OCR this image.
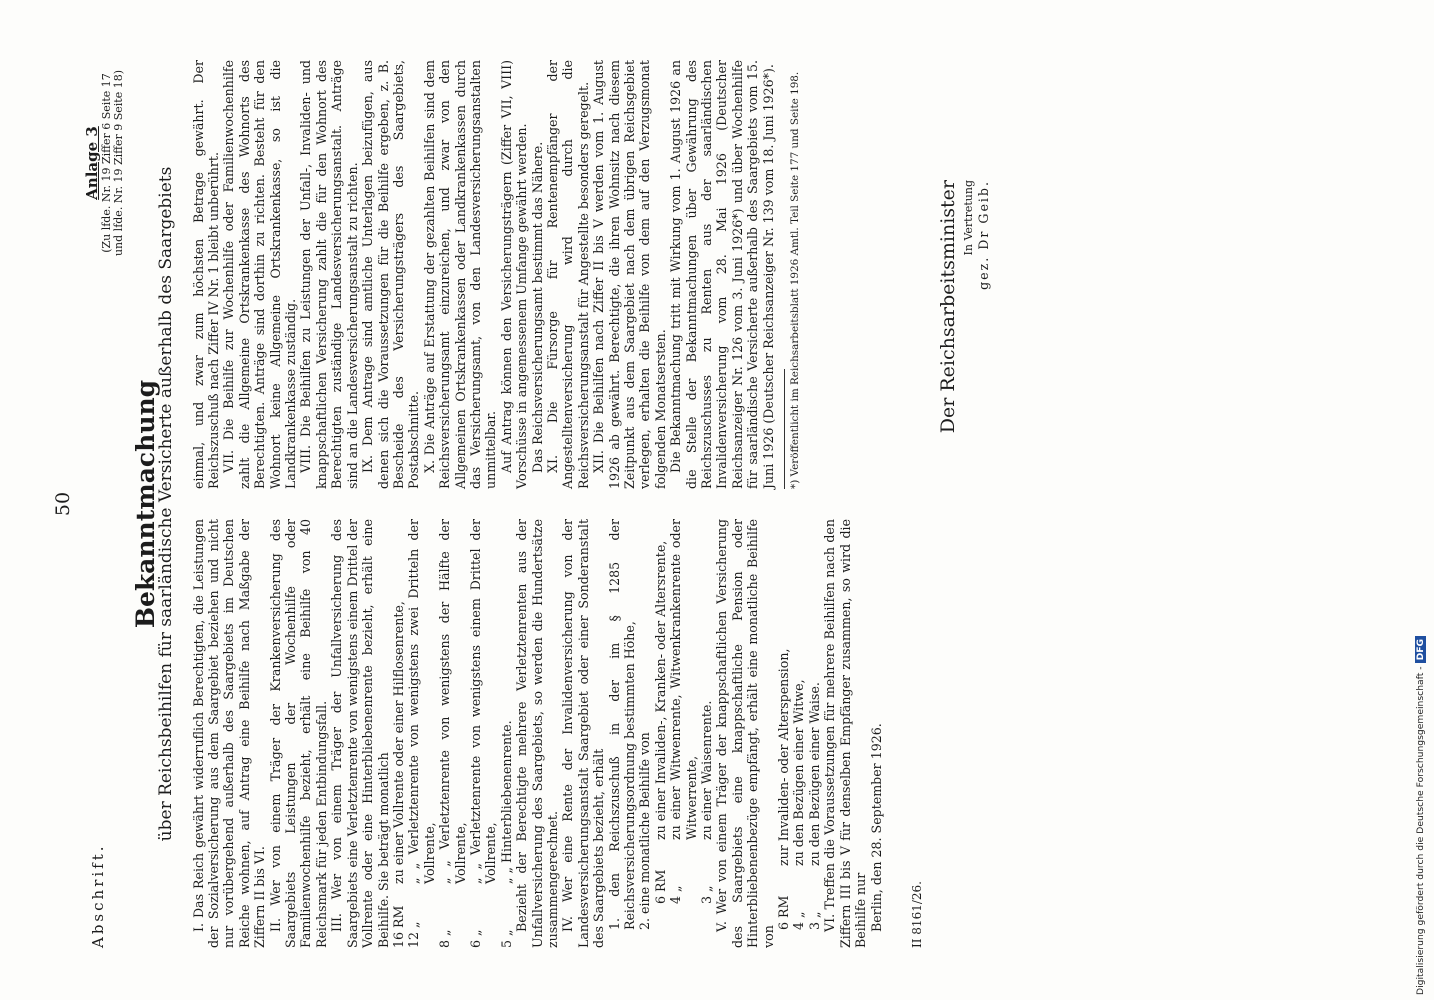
50
Abschrift.
Anlage 3
(Zu lfde. Nr. 19 Ziffer 6 Seite 17 und lfde. Nr. 19 Ziffer 9 Seite 18)
Bekanntmachung
über Reichsbeihilfen für saarländische Versicherte außerhalb des Saargebiets I. Das Reich gewährt widerruflich Berechtigten, die Leistungen der Sozialversicherung aus dem Saargebiet beziehen und nicht nur vorübergehend außerhalb des Saargebiets im Deutschen Reiche wohnen, auf Antrag eine Beihilfe nach Maßgabe der Ziffern II bis VI. II. Wer von einem Träger der Krankenversicherung des Saargebiets Leistungen der Wochenhilfe oder Familienwochenhilfe bezieht, erhält eine Beihilfe von 40 Reichsmark für jeden Entbindungsfall. III. Wer von einem Träger der Unfallversicherung des Saargebiets eine Verletztenrente von wenigstens einem Drittel der Vollrente oder eine Hinterbliebenenrente bezieht, erhält eine Beihilfe. Sie beträgt monatlich 16 RM
zu einer Vollrente oder einer Hilflosenrente,
12 „
„ „ Verletztenrente von wenigstens zwei Dritteln der Vollrente,
8 „
„ „ Verletztenrente von wenigstens der Hälfte der Vollrente,
6 „
„ „ Verletztenrente von wenigstens einem Drittel der Vollrente,
5 „
„ „ Hinterbliebenenrente. Bezieht der Berechtigte mehrere Verletztenrenten aus der Unfallversicherung des Saargebiets, so werden die Hundertsätze zusammengerechnet. IV. Wer eine Rente der Invalidenversicherung von der Landesversicherungsanstalt Saargebiet oder einer Sonderanstalt des Saargebiets bezieht, erhält 1. den Reichszuschuß in der im § 1285 der Reichsversicherungsordnung bestimmten Höhe, 2. eine monatliche Beihilfe von 6 RM
zu einer Invaliden-, Kranken- oder Altersrente,
4 „
zu einer Witwenrente, Witwenkrankenrente oder Witwerrente,
3 „
zu einer Waisenrente. V. Wer von einem Träger der knappschaftlichen Versicherung des Saargebiets eine knappschaftliche Pension oder Hinterbliebenenbezüge empfängt, erhält eine monatliche Beihilfe von

6 RM
zur Invaliden- oder Alterspension,
4 „
zu den Bezügen einer Witwe,
3 „
zu den Bezügen einer Waise. VI. Treffen die Voraussetzungen für mehrere Beihilfen nach den Ziffern III bis V für denselben Empfänger zusammen, so wird die Beihilfe nur Berlin, den 28. September 1926. II 8161/26.

einmal, und zwar zum höchsten Betrage gewährt. Der Reichszuschuß nach Ziffer IV Nr. 1 bleibt unberührt. VII. Die Beihilfe zur Wochenhilfe oder Familienwochenhilfe zahlt die Allgemeine Ortskrankenkasse des Wohnorts des Berechtigten. Anträge sind dorthin zu richten. Besteht für den Wohnort keine Allgemeine Ortskrankenkasse, so ist die Landkrankenkasse zuständig. VIII. Die Beihilfen zu Leistungen der Unfall-, Invaliden- und knappschaftlichen Versicherung zahlt die für den Wohnort des Berechtigten zuständige Landesversicherungsanstalt. Anträge sind an die Landesversicherungsanstalt zu richten. IX. Dem Antrage sind amtliche Unterlagen beizufügen, aus denen sich die Voraussetzungen für die Beihilfe ergeben, z. B. Bescheide des Versicherungsträgers des Saargebiets, Postabschnitte. X. Die Anträge auf Erstattung der gezahlten Beihilfen sind dem Reichsversicherungsamt einzureichen, und zwar von den Allgemeinen Ortskrankenkassen oder Landkrankenkassen durch das Versicherungsamt, von den Landesversicherungsanstalten unmittelbar. Auf Antrag können den Versicherungsträgern (Ziffer VII, VIII) Vorschüsse in angemessenem Umfange gewährt werden. Das Reichsversicherungsamt bestimmt das Nähere. XI. Die Fürsorge für Rentenempfänger der Angestelltenversicherung wird durch die Reichsversicherungsanstalt für Angestellte besonders geregelt. XII. Die Beihilfen nach Ziffer II bis V werden vom 1. August 1926 ab gewährt. Berechtigte, die ihren Wohnsitz nach diesem Zeitpunkt aus dem Saargebiet nach dem übrigen Reichsgebiet verlegen, erhalten die Beihilfe von dem auf den Verzugsmonat folgenden Monatsersten. Die Bekanntmachung tritt mit Wirkung vom 1. August 1926 an die Stelle der Bekanntmachungen über Gewährung des Reichszuschusses zu Renten aus der saarländischen Invalidenversicherung vom 28. Mai 1926 (Deutscher Reichsanzeiger Nr. 126 vom 3. Juni 1926*) und über Wochenhilfe für saarländische Versicherte außerhalb des Saargebiets vom 15. Juni 1926 (Deutscher Reichsanzeiger Nr. 139 vom 18. Juni 1926*). *) Veröffentlicht im Reichsarbeitsblatt 1926 Amtl. Teil Seite 177 und Seite 198.	Der Reichsarbeitsminister In Vertretung gez. Dr Geib.
Digitalisierung gefördert durch die Deutsche Forschungsgemeinschaft -DFG
